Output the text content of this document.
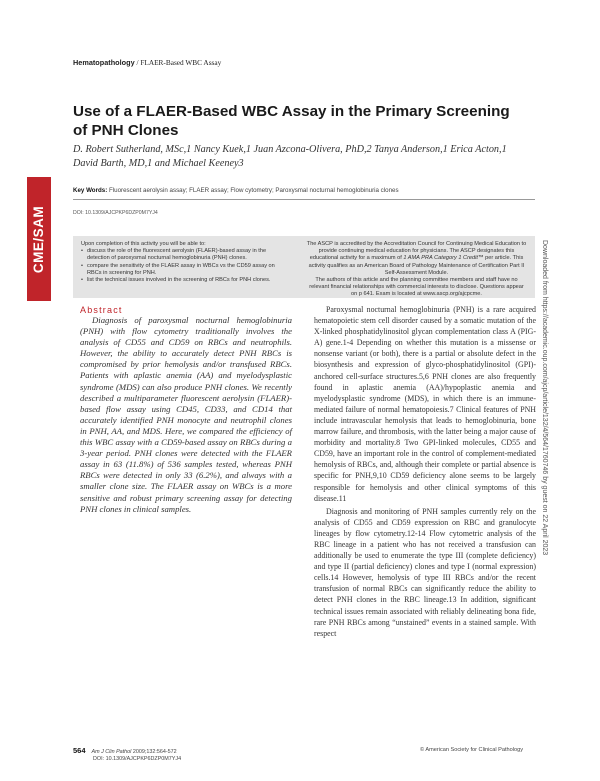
CME/SAM
Hematopathology / FLAER-Based WBC Assay
Use of a FLAER-Based WBC Assay in the Primary Screening of PNH Clones
D. Robert Sutherland, MSc,1 Nancy Kuek,1 Juan Azcona-Olivera, PhD,2 Tanya Anderson,1 Erica Acton,1 David Barth, MD,1 and Michael Keeney3
Key Words: Fluorescent aerolysin assay; FLAER assay; Flow cytometry; Paroxysmal nocturnal hemoglobinuria clones
DOI: 10.1309/AJCPKP6DZP0M7YJ4

Upon completion of this activity you will be able to:

• discuss the role of the fluorescent aerolysin (FLAER)-based assay in the detection of paroxysmal nocturnal hemoglobinuria (PNH) clones.
• compare the sensitivity of the FLAER assay in WBCs vs the CD59 assay on RBCs in screening for PNH.
• list the technical issues involved in the screening of RBCs for PNH clones.

The ASCP is accredited by the Accreditation Council for Continuing Medical Education to provide continuing medical education for physicians. The ASCP designates this educational activity for a maximum of 1 AMA PRA Category 1 Credit™ per article. This activity qualifies as an American Board of Pathology Maintenance of Certification Part II Self-Assessment Module.

The authors of this article and the planning committee members and staff have no relevant financial relationships with commercial interests to disclose. Questions appear on p 641. Exam is located at www.ascp.org/ajcpcme.	Downloaded from https://academic.oup.com/ajcp/article/132/4/564/1760746 by guest on 22 April 2023
Abstract

Diagnosis of paroxysmal nocturnal hemoglobinuria (PNH) with flow cytometry traditionally involves the analysis of CD55 and CD59 on RBCs and neutrophils. However, the ability to accurately detect PNH RBCs is compromised by prior hemolysis and/or transfused RBCs. Patients with aplastic anemia (AA) and myelodysplastic syndrome (MDS) can also produce PNH clones. We recently described a multiparameter fluorescent aerolysin (FLAER)-based flow assay using CD45, CD33, and CD14 that accurately identified PNH monocyte and neutrophil clones in PNH, AA, and MDS. Here, we compared the efficiency of this WBC assay with a CD59-based assay on RBCs during a 3-year period. PNH clones were detected with the FLAER assay in 63 (11.8%) of 536 samples tested, whereas PNH RBCs were detected in only 33 (6.2%), and always with a smaller clone size. The FLAER assay on WBCs is a more sensitive and robust primary screening assay for detecting PNH clones in clinical samples.

Paroxysmal nocturnal hemoglobinuria (PNH) is a rare acquired hematopoietic stem cell disorder caused by a somatic mutation of the X-linked phosphatidylinositol glycan complementation class A (PIG-A) gene.1-4 Depending on whether this mutation is a missense or nonsense variant (or both), there is a partial or absolute defect in the biosynthesis and expression of glyco-phosphatidylinositol (GPI)-anchored cell-surface structures.5,6 PNH clones are also frequently found in aplastic anemia (AA)/hypoplastic anemia and myelodysplastic syndrome (MDS), in which there is an immune-mediated failure of normal hematopoiesis.7 Clinical features of PNH include intravascular hemolysis that leads to hemoglobinuria, bone marrow failure, and thrombosis, with the latter being a major cause of morbidity and mortality.8 Two GPI-linked molecules, CD55 and CD59, have an important role in the control of complement-mediated hemolysis of RBCs, and, although their complete or partial absence is specific for PNH,9,10 CD59 deficiency alone seems to be largely responsible for hemolysis and other clinical symptoms of this disease.11

Diagnosis and monitoring of PNH samples currently rely on the analysis of CD55 and CD59 expression on RBC and granulocyte lineages by flow cytometry.12-14 Flow cytometric analysis of the RBC lineage in a patient who has not received a transfusion can additionally be used to enumerate the type III (complete deficiency) and type II (partial deficiency) clones and type I (normal expression) cells.14 However, hemolysis of type III RBCs and/or the recent transfusion of normal RBCs can significantly reduce the ability to detect PNH clones in the RBC lineage.13 In addition, significant technical issues remain associated with reliably delineating bona fide, rare PNH RBCs among “unstained” events in a stained sample. With respect

564 Am J Clin Pathol 2009;132:564-572
DOI: 10.1309/AJCPKP6DZP0M7YJ4
© American Society for Clinical Pathology
